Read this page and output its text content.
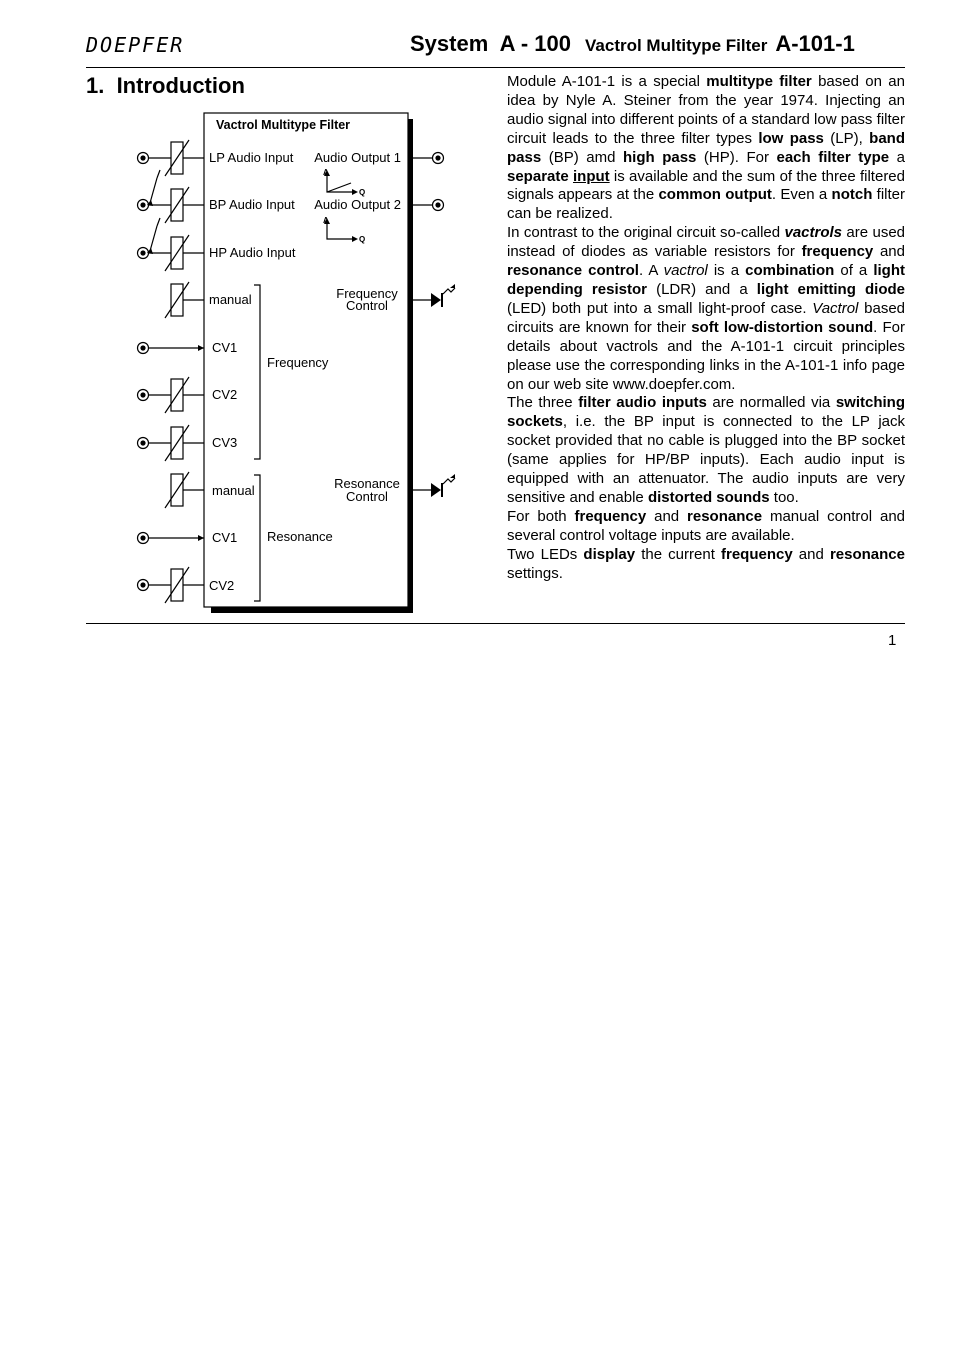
DOEPFER	System  A - 100 Vactrol Multitype Filter A-101-1
1.  Introduction
Vactrol Multitype Filter
LP Audio Input
BP Audio Input
HP Audio Input
Audio Output 1
Audio Output 2
manual
CV1
CV2
CV3
Frequency
manual
CV1
CV2
Resonance
Frequency
Control
Resonance
Control
A
Q
A
Q

Module A-101-1 is a special multitype filter based on an idea by Nyle A. Steiner from the year 1974. Injecting an audio signal into different points of a standard low pass filter circuit leads to the three filter types low pass (LP), band pass (BP) amd high pass (HP). For each filter type a separate input is available and the sum of the three filtered signals appears at the common output. Even a notch filter can be realized.

In contrast to the original circuit so-called vactrols are used instead of diodes as variable resistors for frequency and resonance control. A vactrol is a combination of a light depending resistor (LDR) and a light emitting diode (LED) both put into a small light-proof case. Vactrol based circuits are known for their soft low-distortion sound. For details about vactrols and the A-101-1 circuit principles please use the corresponding links in the A-101-1 info page on our web site www.doepfer.com.

The three filter audio inputs are normalled via switching sockets, i.e. the BP input is connected to the LP jack socket provided that no cable is plugged into the BP socket (same applies for HP/BP inputs). Each audio input is equipped with an attenuator. The audio inputs are very sensitive and enable distorted sounds too.

For both frequency and resonance manual control and several control voltage inputs are available.

Two LEDs display the current frequency and resonance settings.

1
